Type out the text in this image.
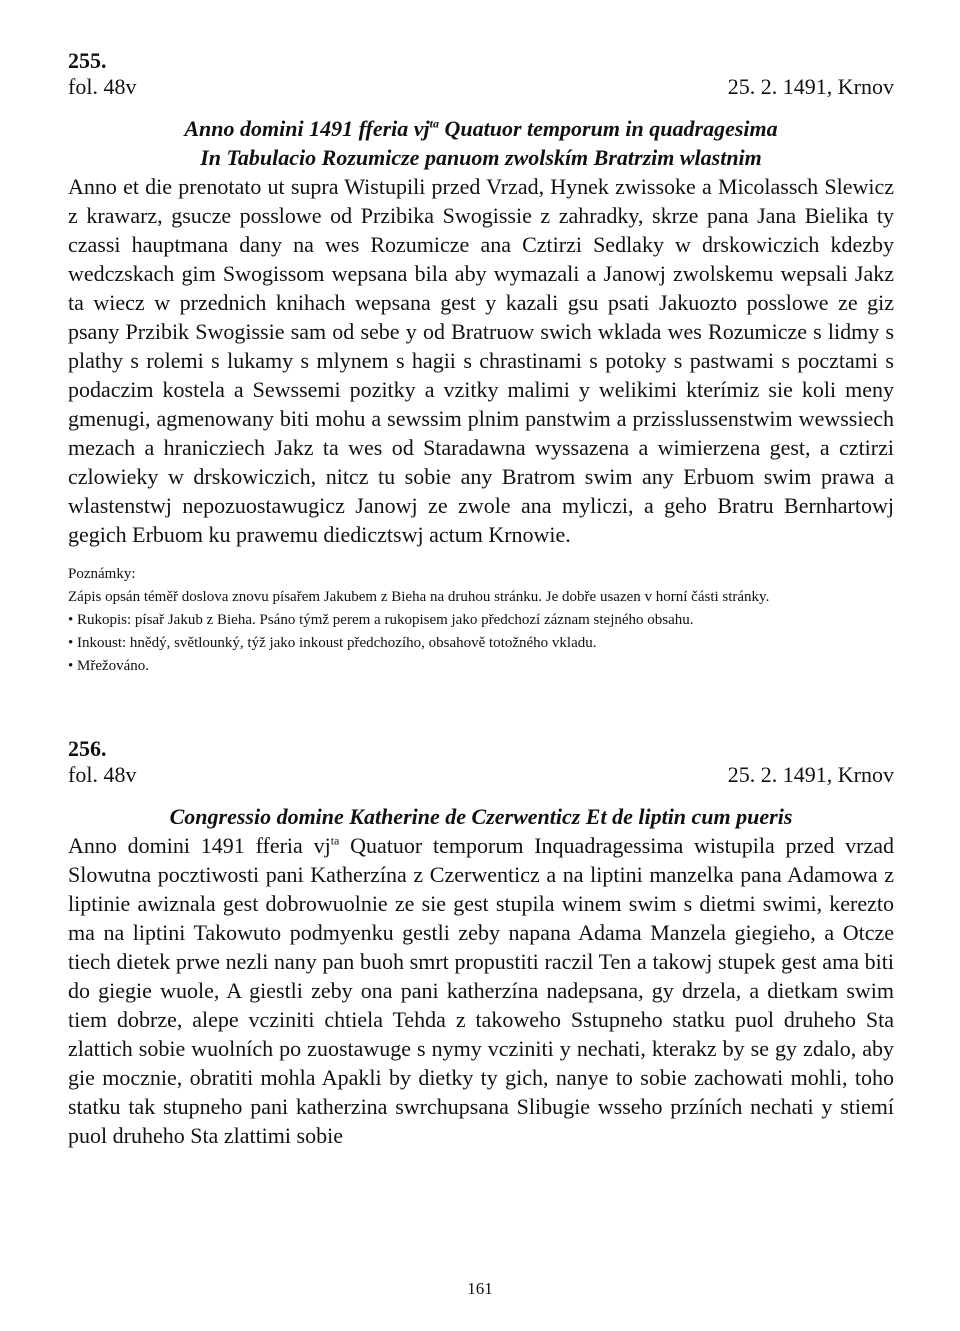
255.
fol. 48v	25. 2. 1491, Krnov
Anno domini 1491 fferia $vj^{ta}$ Quatuor temporum in quadragesima
In Tabulacio Rozumicze panuom zwolskím Bratrzim wlastnim

Anno et die prenotato ut supra Wistupili przed Vrzad, Hynek zwissoke a Micolassch Slewicz z krawarz, gsucze posslowe od Przibika Swogissie z zahradky, skrze pana Jana Bielika ty czassi hauptmana dany na wes Rozumicze ana Cztirzi Sedlaky w drskowiczich kdezby wedczskach gim Swogissom wepsana bila aby wymazali a Janowj zwolskemu wepsali Jakz ta wiecz w przednich knihach wepsana gest y kazali gsu psati Jakuozto posslowe ze giz psany Przibik Swogissie sam od sebe y od Bratruow swich wklada wes Rozumicze s lidmy s plathy s rolemi s lukamy s mlynem s hagii s chrastinami s potoky s pastwami s pocztami s podaczim kostela a Sewssemi pozitky a vzitky malimi y welikimi kterímiz sie koli meny gmenugi, agmenowany biti mohu a sewssim plnim panstwim a przisslussenstwim wewssiech mezach a hranicziech Jakz ta wes od Staradawna wyssazena a wimierzena gest, a cztirzi czlowieky w drskowiczich, nitcz tu sobie any Bratrom swim any Erbuom swim prawa a wlastenstwj nepozuostawugicz Janowj ze zwole ana myliczi, a geho Bratru Bernhartowj gegich Erbuom ku prawemu diedicztswj actum Krnowie.

Poznámky:

Zápis opsán téměř doslova znovu písařem Jakubem z Bieha na druhou stránku. Je dobře usazen v horní části stránky.

• Rukopis: písař Jakub z Bieha. Psáno týmž perem a rukopisem jako předchozí záznam stejného obsahu.

• Inkoust: hnědý, světlounký, týž jako inkoust předchozího, obsahově totožného vkladu.

• Mřežováno.

256.
fol. 48v	25. 2. 1491, Krnov
Congressio domine Katherine de Czerwenticz Et de liptin cum pueris

Anno domini 1491 fferia $vj^{ta}$ Quatuor temporum Inquadragessima wistupila przed vrzad Slowutna pocztiwosti pani Katherzína z Czerwenticz a na liptini manzelka pana Adamowa z liptinie awiznala gest dobrowuolnie ze sie gest stupila winem swim s dietmi swimi, kerezto ma na liptini Takowuto podmyenku gestli zeby napana Adama Manzela giegieho, a Otcze tiech dietek prwe nezli nany pan buoh smrt propustiti raczil Ten a takowj stupek gest ama biti do giegie wuole, A giestli zeby ona pani katherzína nadepsana, gy drzela, a dietkam swim tiem dobrze, alepe vcziniti chtiela Tehda z takoweho Sstupneho statku puol druheho Sta zlattich sobie wuolních po zuostawuge s nymy vcziniti y nechati, kterakz by se gy zdalo, aby gie mocznie, obratiti mohla Apakli by dietky ty gich, nanye to sobie zachowati mohli, toho statku tak stupneho pani katherzina swrchupsana Slibugie wsseho przíních nechati y stiemí puol druheho Sta zlattimi sobie

161
